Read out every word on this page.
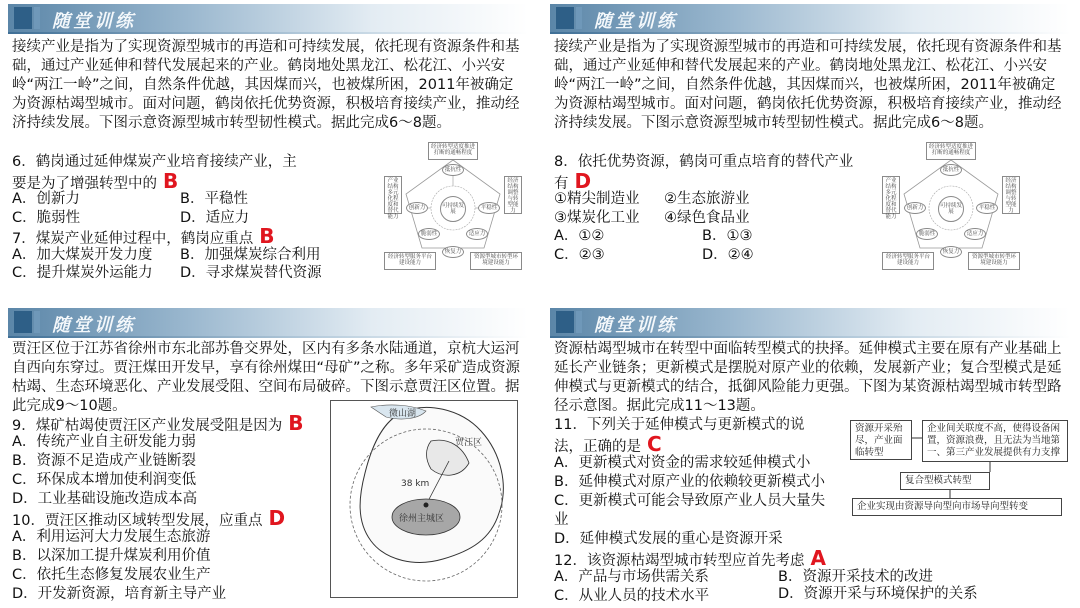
随堂训练

接续产业是指为了实现资源型城市的再造和可持续发展，依托现有资源条件和基础，通过产业延伸和替代发展起来的产业。鹤岗地处黑龙江、松花江、小兴安岭“两江一岭”之间，自然条件优越，其因煤而兴，也被煤所困，2011年被确定为资源枯竭型城市。面对问题，鹤岗依托优势资源，积极培育接续产业，推动经济持续发展。下图示意资源型城市转型韧性模式。据此完成6～8题。

6．鹤岗通过延伸煤炭产业培育接续产业，主
要是为了增强转型中的 B
A．创新力	B．平稳性
C．脆弱性	D．适应力
7．煤炭产业延伸过程中，鹤岗应重点 B
A．加大煤炭开发力度 B．加强煤炭综合利用
C．提升煤炭外运能力 D．寻求煤炭替代资源
经济转型适度推进打断的通畅程度
产业结构多元化程度和替代能力
经济结构调整与转型能力
经济转型服务平台建设能力
资源型城市转型环境建设能力
可持续发展
抵抗性
创新力	平稳性
脆弱性	适应力
恢复力
随堂训练

接续产业是指为了实现资源型城市的再造和可持续发展，依托现有资源条件和基础，通过产业延伸和替代发展起来的产业。鹤岗地处黑龙江、松花江、小兴安岭“两江一岭”之间，自然条件优越，其因煤而兴，也被煤所困，2011年被确定为资源枯竭型城市。面对问题，鹤岗依托优势资源，积极培育接续产业，推动经济持续发展。下图示意资源型城市转型韧性模式。据此完成6～8题。

8．依托优势资源，鹤岗可重点培育的替代产业
有 D
①精尖制造业 ②生态旅游业
③煤炭化工业 ④绿色食品业
A．①②	B．①③
C．②③	D．②④
经济转型适度推进打断的通畅程度
产业结构多元化程度和替代能力
经济结构调整与转型能力
经济转型服务平台建设能力
资源型城市转型环境建设能力
可持续发展
抵抗性
创新力	平稳性
脆弱性	适应力
恢复力
随堂训练

贾汪区位于江苏省徐州市东北部苏鲁交界处，区内有多条水陆通道，京杭大运河自西向东穿过。贾汪煤田开发早，享有徐州煤田“母矿”之称。多年采矿造成资源枯竭、生态环境恶化、产业发展受阻、空间布局破碎。下图示意贾汪区位置。据此完成9～10题。

9．煤矿枯竭使贾汪区产业发展受阻是因为 B
A．传统产业自主研发能力弱
B．资源不足造成产业链断裂
C．环保成本增加使利润变低
D．工业基础设施改造成本高
10．贾汪区推动区域转型发展，应重点 D
A．利用运河大力发展生态旅游
B．以深加工提升煤炭利用价值
C．依托生态修复发展农业生产
D．开发新资源，培育新主导产业
微山湖
贾汪区
38 km
徐州主城区
随堂训练

资源枯竭型城市在转型中面临转型模式的抉择。延伸模式主要在原有产业基础上延长产业链条；更新模式是摆脱对原产业的依赖，发展新产业；复合型模式是延伸模式与更新模式的结合，抵御风险能力更强。下图为某资源枯竭型城市转型路径示意图。据此完成11～13题。

11．下列关于延伸模式与更新模式的说
法，正确的是 C
A．更新模式对资金的需求较延伸模式小
B．延伸模式对原产业的依赖较更新模式小
C．更新模式可能会导致原产业人员大量失
业
D．延伸模式发展的重心是资源开采
12．该资源枯竭型城市转型应首先考虑 A
A．产品与市场供需关系	B．资源开采技术的改进
C．从业人员的技术水平	D．资源开采与环境保护的关系
资源开采殆尽，产业面临转型
企业间关联度不高，使得设备闲置，资源浪费，且无法为当地第一、第三产业发展提供有力支撑
复合型模式转型
企业实现由资源导向型向市场导向型转变
